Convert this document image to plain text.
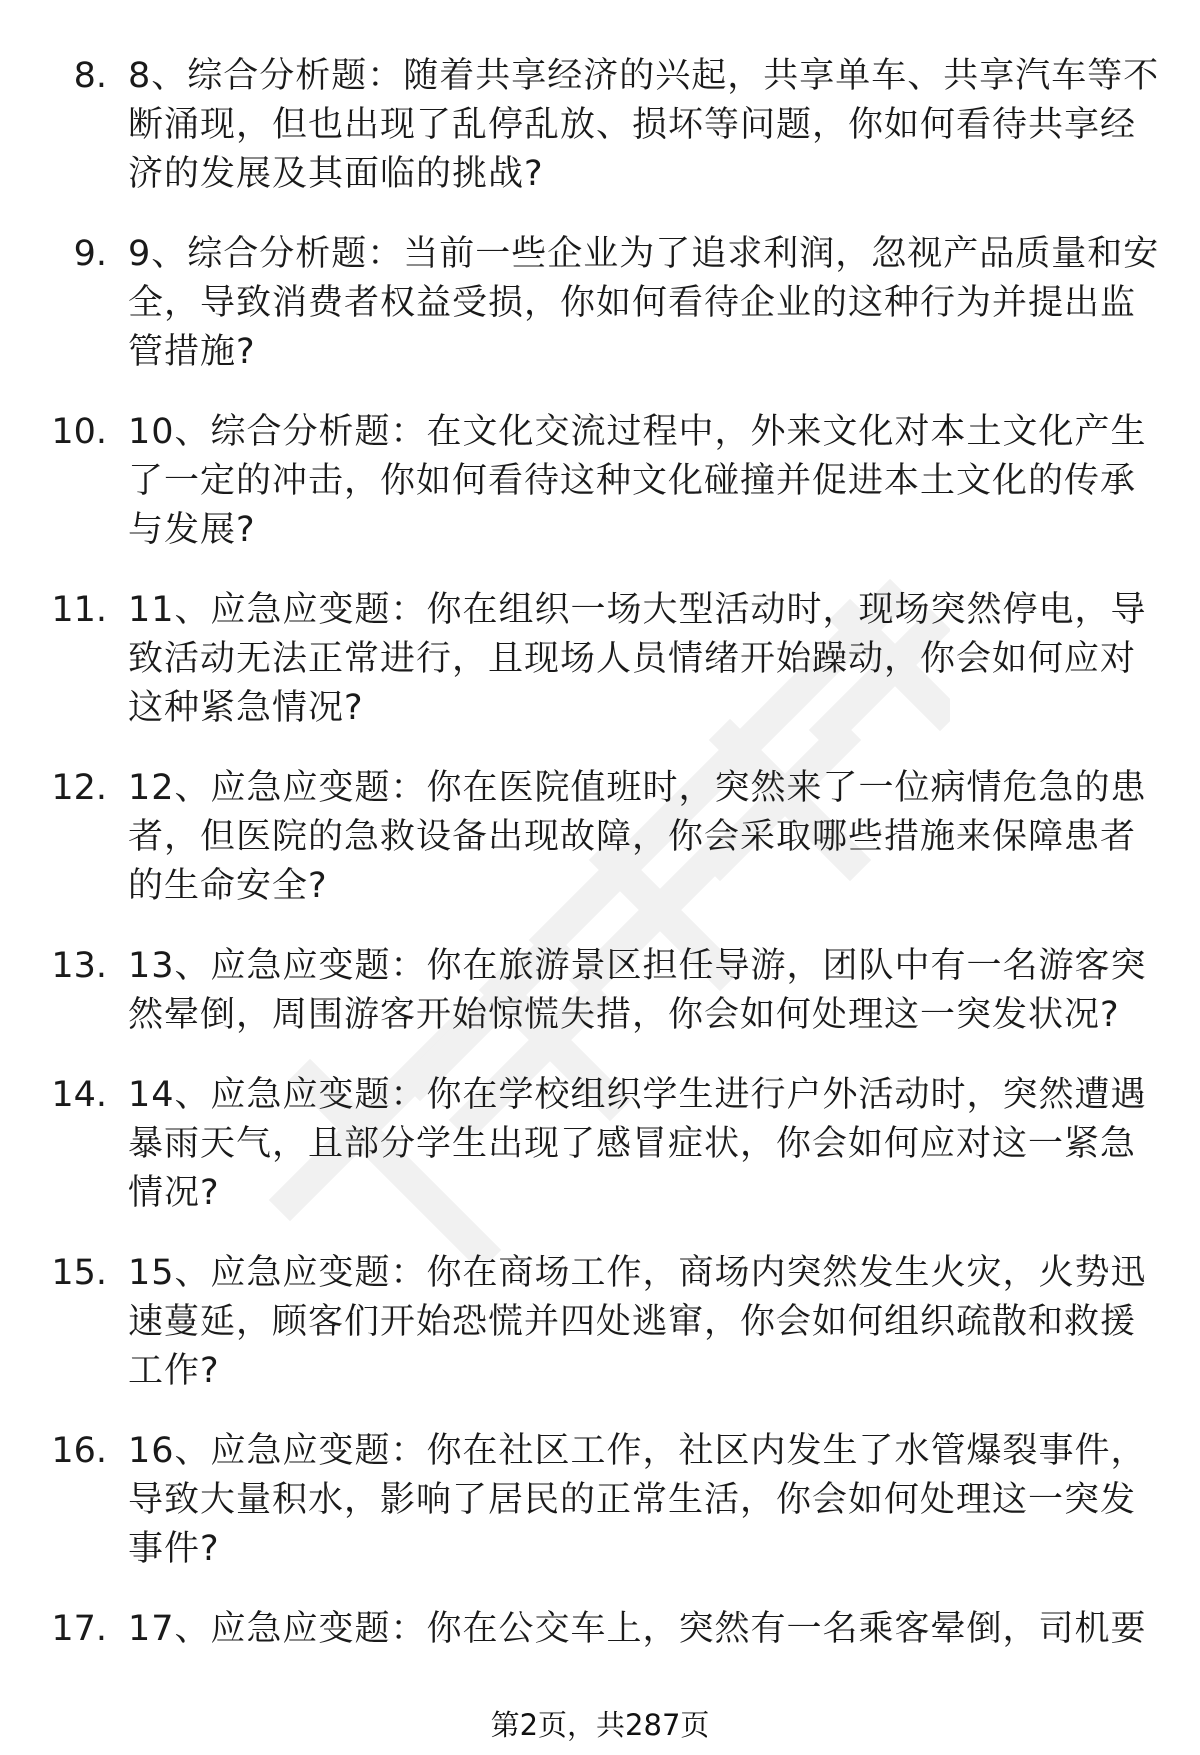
8. 8、综合分析题：随着共享经济的兴起，共享单车、共享汽车等不断涌现，但也出现了乱停乱放、损坏等问题，你如何看待共享经济的发展及其面临的挑战?
9. 9、综合分析题：当前一些企业为了追求利润，忽视产品质量和安全，导致消费者权益受损，你如何看待企业的这种行为并提出监管措施?
10. 10、综合分析题：在文化交流过程中，外来文化对本土文化产生了一定的冲击，你如何看待这种文化碰撞并促进本土文化的传承与发展?
11. 11、应急应变题：你在组织一场大型活动时，现场突然停电，导致活动无法正常进行，且现场人员情绪开始躁动，你会如何应对这种紧急情况?
12. 12、应急应变题：你在医院值班时，突然来了一位病情危急的患者，但医院的急救设备出现故障，你会采取哪些措施来保障患者的生命安全?
13. 13、应急应变题：你在旅游景区担任导游，团队中有一名游客突然晕倒，周围游客开始惊慌失措，你会如何处理这一突发状况?
14. 14、应急应变题：你在学校组织学生进行户外活动时，突然遭遇暴雨天气，且部分学生出现了感冒症状，你会如何应对这一紧急情况?
15. 15、应急应变题：你在商场工作，商场内突然发生火灾，火势迅速蔓延，顾客们开始恐慌并四处逃窜，你会如何组织疏散和救援工作?
16. 16、应急应变题：你在社区工作，社区内发生了水管爆裂事件，导致大量积水，影响了居民的正常生活，你会如何处理这一突发事件?
17. 17、应急应变题：你在公交车上，突然有一名乘客晕倒，司机要
第2页，共287页
